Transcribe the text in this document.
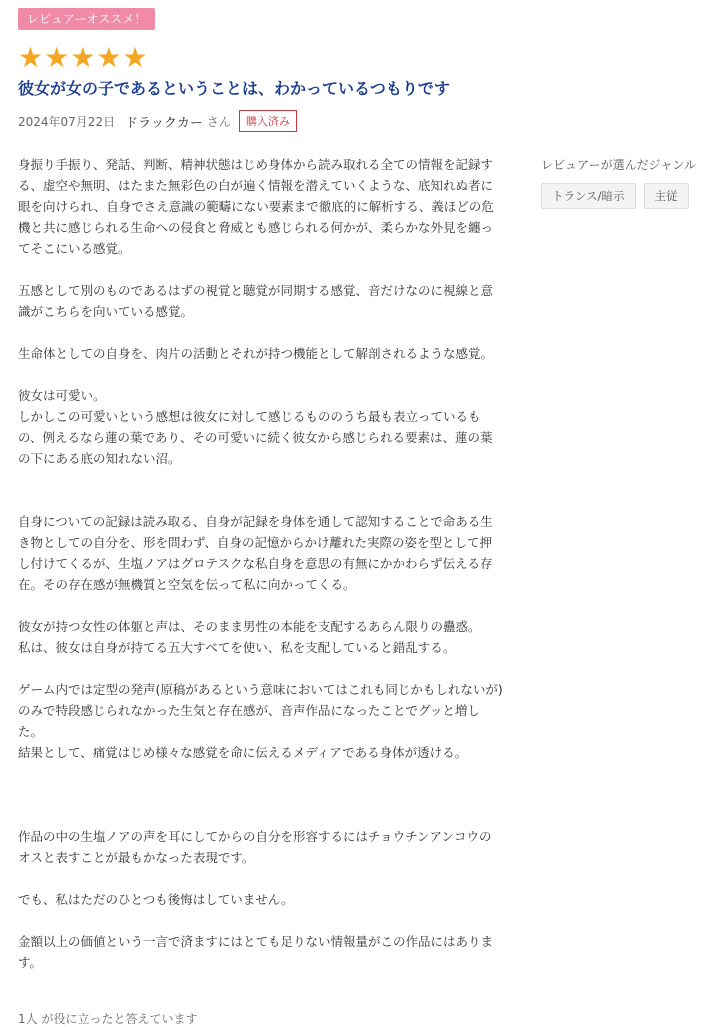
レビュアーオススメ！
★ ★ ★ ★ ★
彼女が女の子であるということは、わかっているつもりです
2024年07月22日 ドラックカー さん	購入済み

身振り手振り、発話、判断、精神状態はじめ身体から読み取れる全ての情報を記録する、虚空や無明、はたまた無彩色の白が遍く情報を潜えていくような、底知れぬ者に眼を向けられ、自身でさえ意識の範疇にない要素まで徹底的に解析する、義ほどの危機と共に感じられる生命への侵食と脅威とも感じられる何かが、柔らかな外見を纏ってそこにいる感覚。

五感として別のものであるはずの視覚と聴覚が同期する感覚、音だけなのに視線と意識がこちらを向いている感覚。

生命体としての自身を、肉片の活動とそれが持つ機能として解剖されるような感覚。

彼女は可愛い。
しかしこの可愛いという感想は彼女に対して感じるもののうち最も表立っているもの、例えるなら蓮の葉であり、その可愛いに続く彼女から感じられる要素は、蓮の葉の下にある底の知れない沼。

自身についての記録は読み取る、自身が記録を身体を通して認知することで命ある生き物としての自分を、形を問わず、自身の記憶からかけ離れた実際の姿を型として押し付けてくるが、生塩ノアはグロテスクな私自身を意思の有無にかかわらず伝える存在。その存在感が無機質と空気を伝って私に向かってくる。

彼女が持つ女性の体躯と声は、そのまま男性の本能を支配するあらん限りの蠱惑。
私は、彼女は自身が持てる五大すべてを使い、私を支配していると錯乱する。

ゲーム内では定型の発声(原稿があるという意味においてはこれも同じかもしれないが)のみで特段感じられなかった生気と存在感が、音声作品になったことでグッと増した。
結果として、痛覚はじめ様々な感覚を命に伝えるメディアである身体が透ける。

作品の中の生塩ノアの声を耳にしてからの自分を形容するにはチョウチンアンコウのオスと表すことが最もかなった表現です。

でも、私はただのひとつも後悔はしていません。

金額以上の価値という一言で済ますにはとても足りない情報量がこの作品にはあります。

レビュアーが選んだジャンル
トランス/暗示	主従
1人 が役に立ったと答えています
